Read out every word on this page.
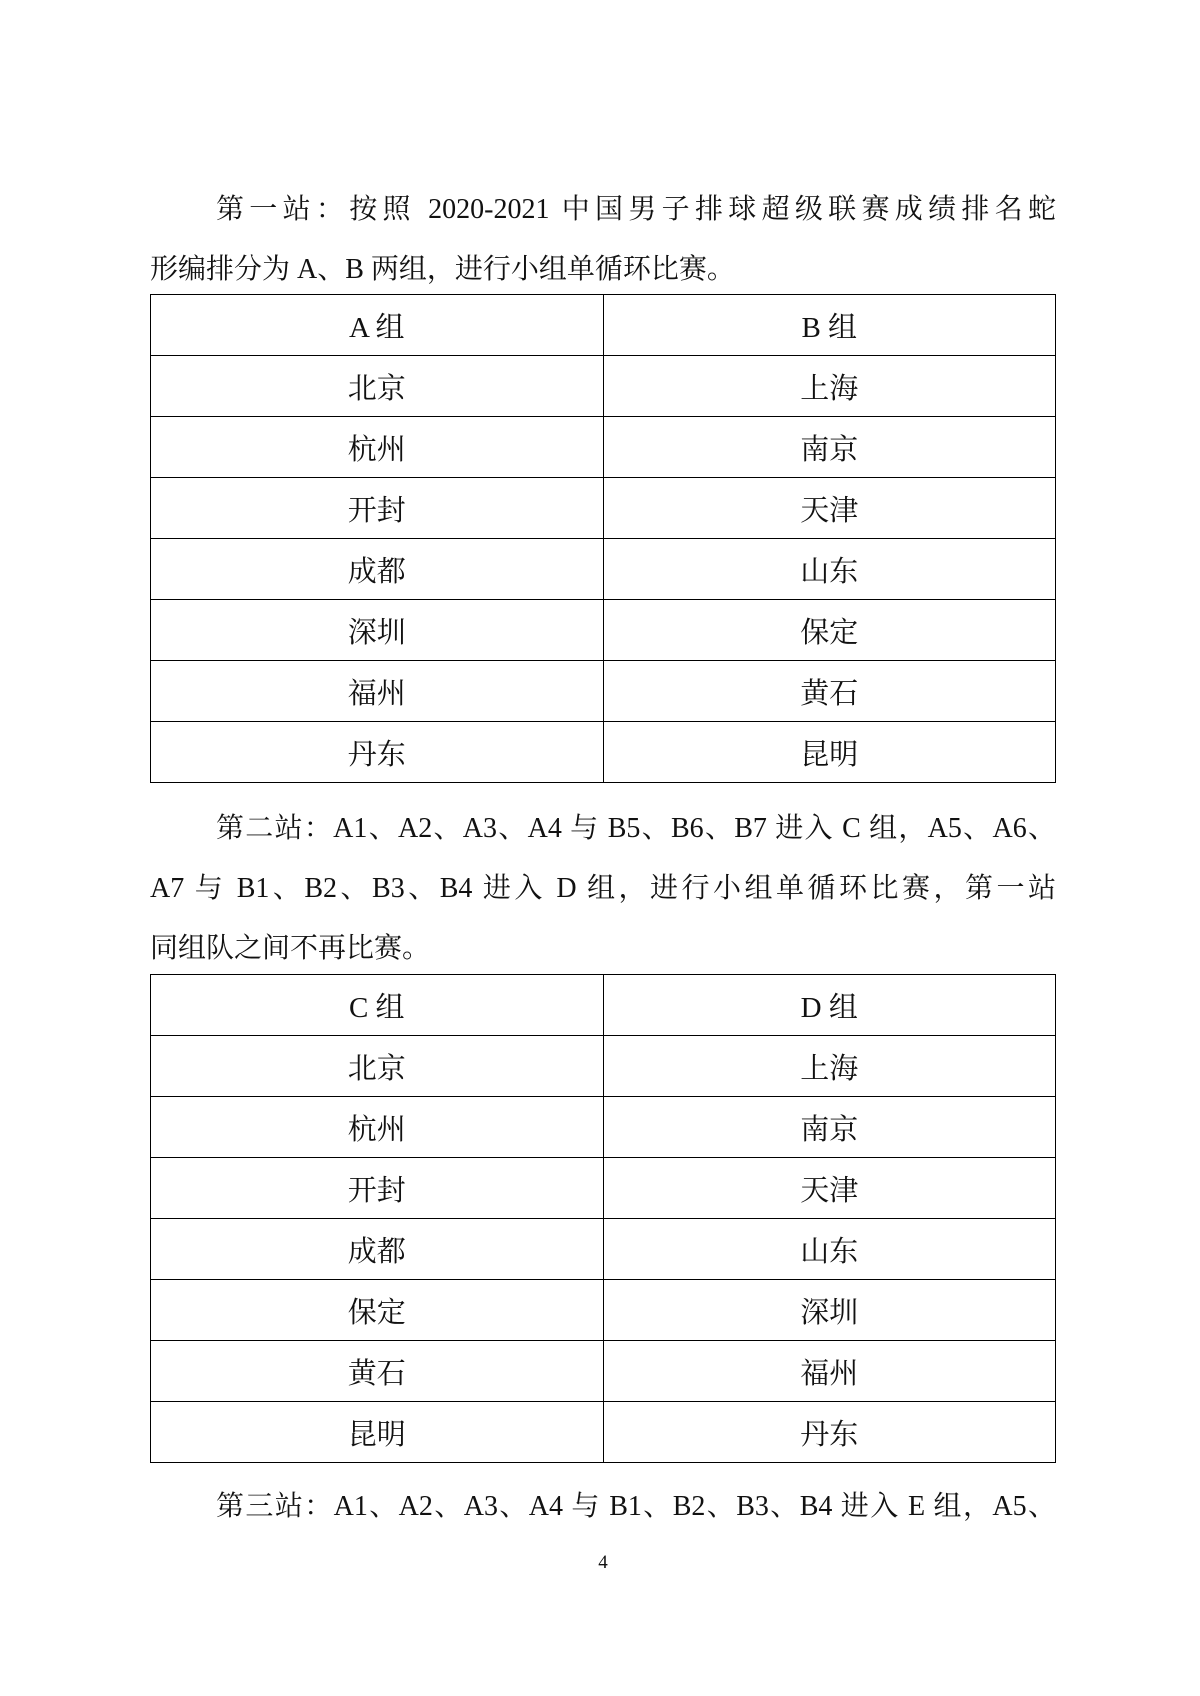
第一站：按照 2020-2021 中国男子排球超级联赛成绩排名蛇
形编排分为 A、B 两组，进行小组单循环比赛。
A 组	B 组
北京	上海
杭州	南京
开封	天津
成都	山东
深圳	保定
福州	黄石
丹东	昆明
第二站：A1、A2、A3、A4 与 B5、B6、B7 进入 C 组，A5、A6、
A7 与 B1、B2、B3、B4 进入 D 组，进行小组单循环比赛，第一站
同组队之间不再比赛。
C 组	D 组
北京	上海
杭州	南京
开封	天津
成都	山东
保定	深圳
黄石	福州
昆明	丹东
第三站：A1、A2、A3、A4 与 B1、B2、B3、B4 进入 E 组，A5、
4
